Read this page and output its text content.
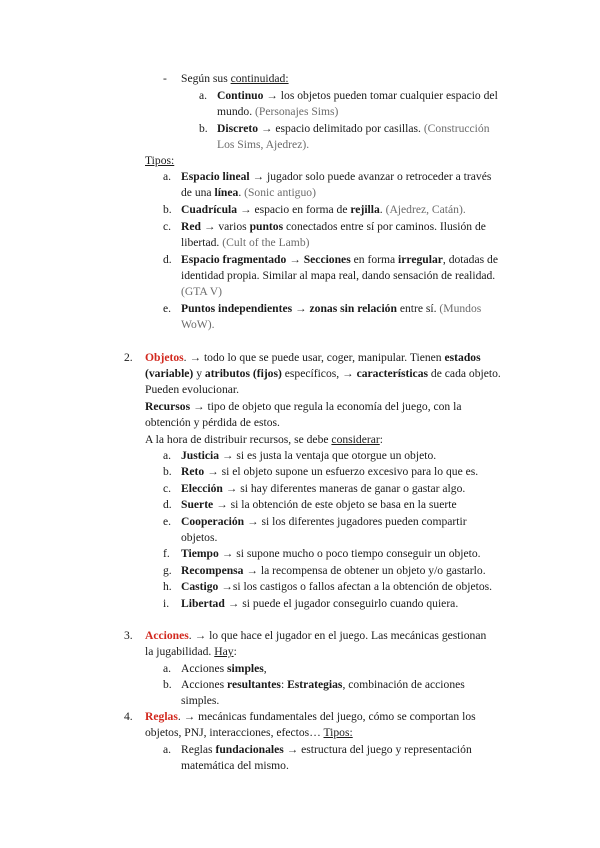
- Según sus continuidad:
a. Continuo → los objetos pueden tomar cualquier espacio del
mundo. (Personajes Sims)
b. Discreto → espacio delimitado por casillas. (Construcción
Los Sims, Ajedrez).
Tipos:
a. Espacio lineal → jugador solo puede avanzar o retroceder a través
de una línea. (Sonic antiguo)
b. Cuadrícula → espacio en forma de rejilla. (Ajedrez, Catán).
c. Red → varios puntos conectados entre sí por caminos. Ilusión de
libertad. (Cult of the Lamb)
d. Espacio fragmentado → Secciones en forma irregular, dotadas de
identidad propia. Similar al mapa real, dando sensación de realidad.
(GTA V)
e. Puntos independientes → zonas sin relación entre sí. (Mundos
WoW).
2. Objetos. → todo lo que se puede usar, coger, manipular. Tienen estados
(variable) y atributos (fijos) específicos, → características de cada objeto.
Pueden evolucionar.
Recursos → tipo de objeto que regula la economía del juego, con la
obtención y pérdida de estos.
A la hora de distribuir recursos, se debe considerar:
a. Justicia → si es justa la ventaja que otorgue un objeto.
b. Reto → si el objeto supone un esfuerzo excesivo para lo que es.
c. Elección → si hay diferentes maneras de ganar o gastar algo.
d. Suerte → si la obtención de este objeto se basa en la suerte
e. Cooperación → si los diferentes jugadores pueden compartir
objetos.
f. Tiempo → si supone mucho o poco tiempo conseguir un objeto.
g. Recompensa → la recompensa de obtener un objeto y/o gastarlo.
h. Castigo →si los castigos o fallos afectan a la obtención de objetos.
i. Libertad → si puede el jugador conseguirlo cuando quiera.
3. Acciones. → lo que hace el jugador en el juego. Las mecánicas gestionan
la jugabilidad. Hay:
a. Acciones simples,
b. Acciones resultantes: Estrategias, combinación de acciones
simples.
4. Reglas. → mecánicas fundamentales del juego, cómo se comportan los
objetos, PNJ, interacciones, efectos… Tipos:
a. Reglas fundacionales → estructura del juego y representación
matemática del mismo.
